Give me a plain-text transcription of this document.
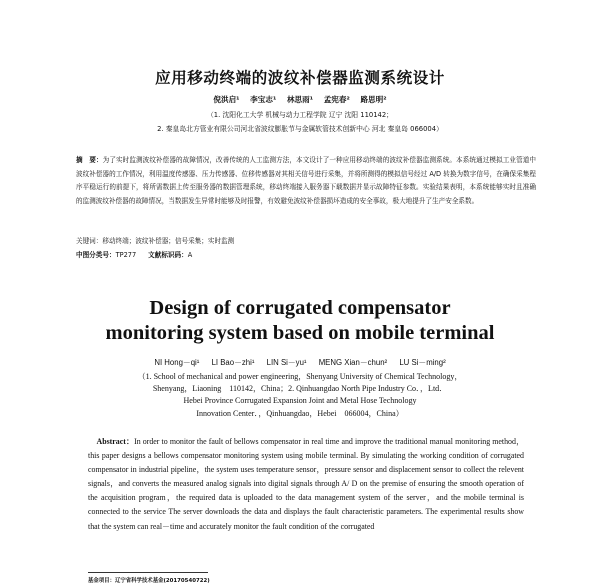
应用移动终端的波纹补偿器监测系统设计
倪洪启¹ 李宝志¹ 林思雨¹ 孟宪春² 路思明²
（1. 沈阳化工大学 机械与动力工程学院 辽宁 沈阳 110142；
2. 秦皇岛北方管业有限公司河北省波纹膨胀节与金属软管技术创新中心 河北 秦皇岛 066004）
摘　要：为了实时监测波纹补偿器的故障情况，改善传统的人工监测方法，本文设计了一种应用移动终端的波纹补偿器监测系统。本系统通过模拟工业管道中波纹补偿器的工作情况，利用温度传感器、压力传感器、位移传感器对其相关信号进行采集，并将所测得的模拟信号经过 A/D 转换为数字信号，在确保采集程序平稳运行的前提下，将所需数据上传至服务器的数据管理系统，移动终端接入服务器下载数据并显示故障特征参数。实验结果表明，本系统能够实时且准确的监测波纹补偿器的故障情况，当数据发生异常时能够及时报警，有效避免波纹补偿器损坏造成的安全事故，极大地提升了生产安全系数。
关键词：移动终端；波纹补偿器；信号采集；实时监测
中图分类号：TP277 文献标识码：A
Design of corrugated compensator
monitoring system based on mobile terminal
NI Hong－qi¹ LI Bao－zhi¹ LIN Si－yu¹ MENG Xian－chun² LU Si－ming²
（1. School of mechanical and power engineering，Shenyang University of Chemical Technology，
Shenyang，Liaoning　110142，China；2. Qinhuangdao North Pipe Industry Co．，Ltd．
Hebei Province Corrugated Expansion Joint and Metal Hose Technology
Innovation Center．，Qinhuangdao，Hebei　066004，China）
Abstract：In order to monitor the fault of bellows compensator in real time and improve the traditional manual monitoring method，this paper designs a bellows compensator monitoring system using mobile terminal. By simulating the working condition of corrugated compensator in industrial pipeline，the system uses temperature sensor，pressure sensor and displacement sensor to collect the relevent signals，and converts the measured analog signals into digital signals through A/ D on the premise of ensuring the smooth operation of the acquisition program，the required data is uploaded to the data management system of the server，and the mobile terminal is connected to the service The server downloads the data and displays the fault characteristic parameters. The experimental results show that the system can real－time and accurately monitor the fault condition of the corrugated
基金项目：辽宁省科学技术基金(20170540722)
